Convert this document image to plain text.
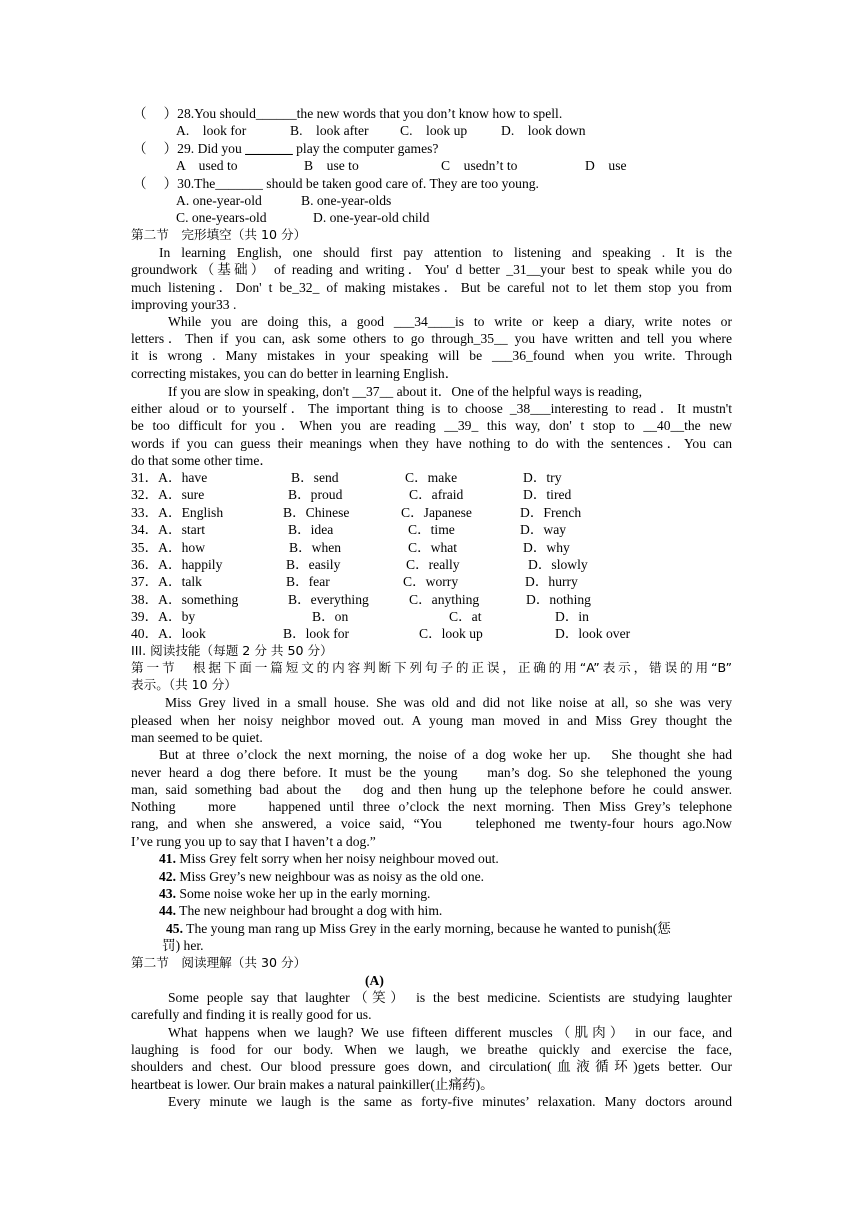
（　 ）28.You should______the new words that you don’t know how to spell.
A.　look for	B.　look after C.　look up D.　look down
（　 ）29. Did you _______ play the computer games?
A　used to	B　use to	C　usedn’t to	D　use
（　 ）30.The_______ should be taken good care of. They are too young.
A. one-year-old	B. one-year-olds
C. one-years-old	D. one-year-old child
第二节　完形填空（共 10 分）
In learning English, one should first pay attention to listening and speaking . It is the
groundwork（基础） of reading and writing．You' d better _31__your best to speak while you do
much listening．Don' t be_32_ of making mistakes．But be careful not to let them stop you from
improving your33 .
While you are doing this, a good ___34____is to write or keep a diary, write notes or
letters．Then if you can, ask some others to go through_35__ you have written and tell you where
it is wrong . Many mistakes in your speaking will be ___36_found when you write. Through
correcting mistakes, you can do better in learning English．
If you are slow in speaking, don't __37__ about it．One of the helpful ways is reading,
either aloud or to yourself．The important thing is to choose _38___interesting to read．It mustn't
be too difficult for you．When you are reading __39_ this way, don' t stop to __40__the new
words if you can guess their meanings when they have nothing to do with the sentences．You can
do that some other time．
31．A．have	B．send	C．make	D．try
32．A．sure	B．proud	C．afraid	D．tired
33．A．English	B．Chinese	C．Japanese	D．French
34．A．start	B．idea	C．time	D．way
35．A．how	B．when	C．what	D．why
36．A．happily	B．easily	C．really	D．slowly
37．A．talk	B．fear	C．worry	D．hurry
38．A．something	B．everything	C．anything	D．nothing
39．A．by	B．on	C．at	D．in
40．A．look	B．look for	C．look up	D．look over
III. 阅读技能（每题 2 分 共 50 分）
第一节　根据下面一篇短文的内容判断下列句子的正误，正确的用“A”表示，错误的用“B”
表示。（共 10 分）
Miss Grey lived in a small house. She was old and did not like noise at all, so she was very
pleased when her noisy neighbor moved out. A young man moved in and Miss Grey thought the
man seemed to be quiet.
But at three o’clock the next morning, the noise of a dog woke her up.　She thought she had
never heard a dog there before. It must be the young　 man’s dog. So she telephoned the young
man, said something bad about the　dog and then hung up the telephone before he could answer.
Nothing　 more　 happened until three o’clock the next morning. Then Miss Grey’s telephone
rang, and when she answered, a voice said, “You　 telephoned me twenty-four hours ago.Now
I’ve rung you up to say that I haven’t a dog.”
41. Miss Grey felt sorry when her noisy neighbour moved out.
42. Miss Grey’s new neighbour was as noisy as the old one.
43. Some noise woke her up in the early morning.
44. The new neighbour had brought a dog with him.
45. The young man rang up Miss Grey in the early morning, because he wanted to punish(惩
罚) her.
第二节　阅读理解（共 30 分）
(A)
Some people say that laughter（笑） is the best medicine. Scientists are studying laughter
carefully and finding it is really good for us.
What happens when we laugh? We use fifteen different muscles（肌肉） in our face, and
laughing is food for our body. When we laugh, we breathe quickly and exercise the face,
shoulders and chest. Our blood pressure goes down, and circulation(血液循环)gets better. Our
heartbeat is lower. Our brain makes a natural painkiller(止痛药)。
Every minute we laugh is the same as forty-five minutes’ relaxation. Many doctors around
